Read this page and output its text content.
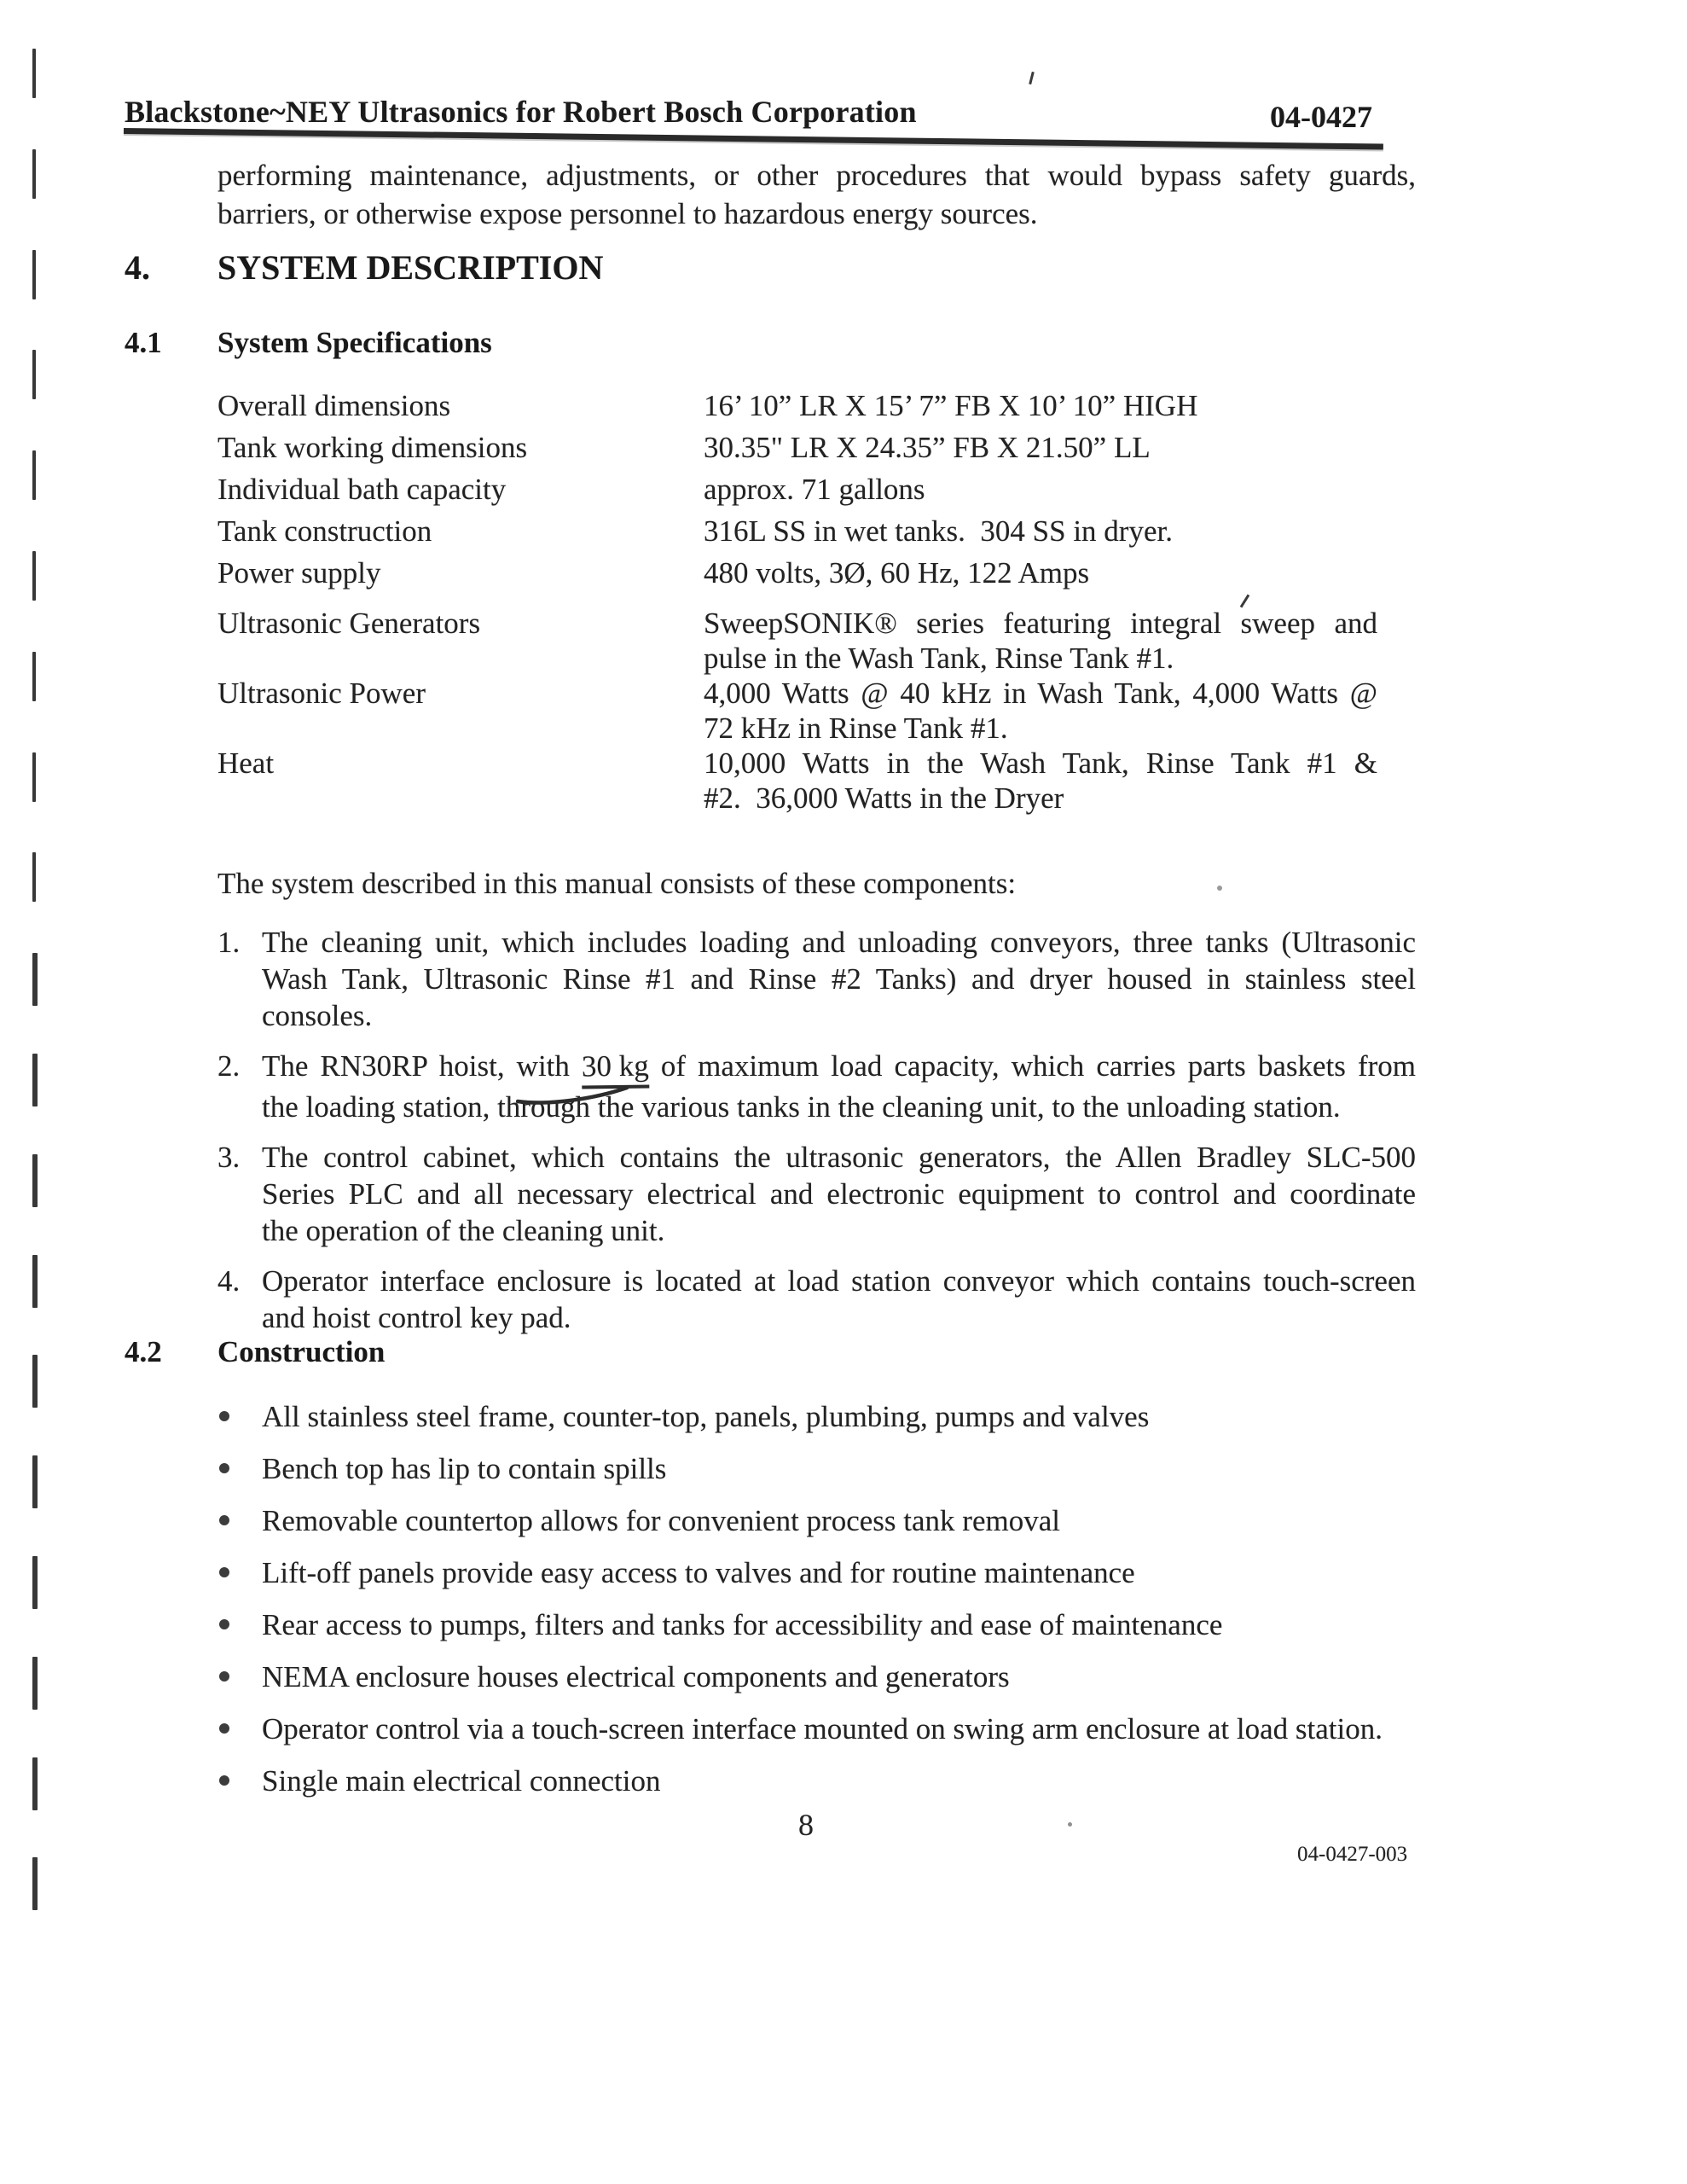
Blackstone~NEY Ultrasonics for Robert Bosch Corporation	04-0427
performing maintenance, adjustments, or other procedures that would bypass safety guards,
barriers, or otherwise expose personnel to hazardous energy sources.
4. SYSTEM DESCRIPTION
4.1 System Specifications
Overall dimensions	16’ 10” LR X 15’ 7” FB X 10’ 10” HIGH
Tank working dimensions	30.35" LR X 24.35” FB X 21.50” LL
Individual bath capacity	approx. 71 gallons
Tank construction	316L SS in wet tanks.  304 SS in dryer.
Power supply	480 volts, 3Ø, 60 Hz, 122 Amps
Ultrasonic Generators	SweepSONIK® series featuring integral sweep and
pulse in the Wash Tank, Rinse Tank #1.
Ultrasonic Power	4,000 Watts @ 40 kHz in Wash Tank, 4,000 Watts @
72 kHz in Rinse Tank #1.
Heat	10,000 Watts in the Wash Tank, Rinse Tank #1 &
#2.  36,000 Watts in the Dryer
The system described in this manual consists of these components:
1. The cleaning unit, which includes loading and unloading conveyors, three tanks (Ultrasonic
Wash Tank, Ultrasonic Rinse #1 and Rinse #2 Tanks) and dryer housed in stainless steel
consoles.
2. The RN30RP hoist, with 30 kg of maximum load capacity, which carries parts baskets from
the loading station, through the various tanks in the cleaning unit, to the unloading station.
3. The control cabinet, which contains the ultrasonic generators, the Allen Bradley SLC-500
Series PLC and all necessary electrical and electronic equipment to control and coordinate
the operation of the cleaning unit.
4. Operator interface enclosure is located at load station conveyor which contains touch-screen
and hoist control key pad.
4.2 Construction
All stainless steel frame, counter-top, panels, plumbing, pumps and valves
Bench top has lip to contain spills
Removable countertop allows for convenient process tank removal
Lift-off panels provide easy access to valves and for routine maintenance
Rear access to pumps, filters and tanks for accessibility and ease of maintenance
NEMA enclosure houses electrical components and generators
Operator control via a touch-screen interface mounted on swing arm enclosure at load station.
Single main electrical connection
8
04-0427-003
